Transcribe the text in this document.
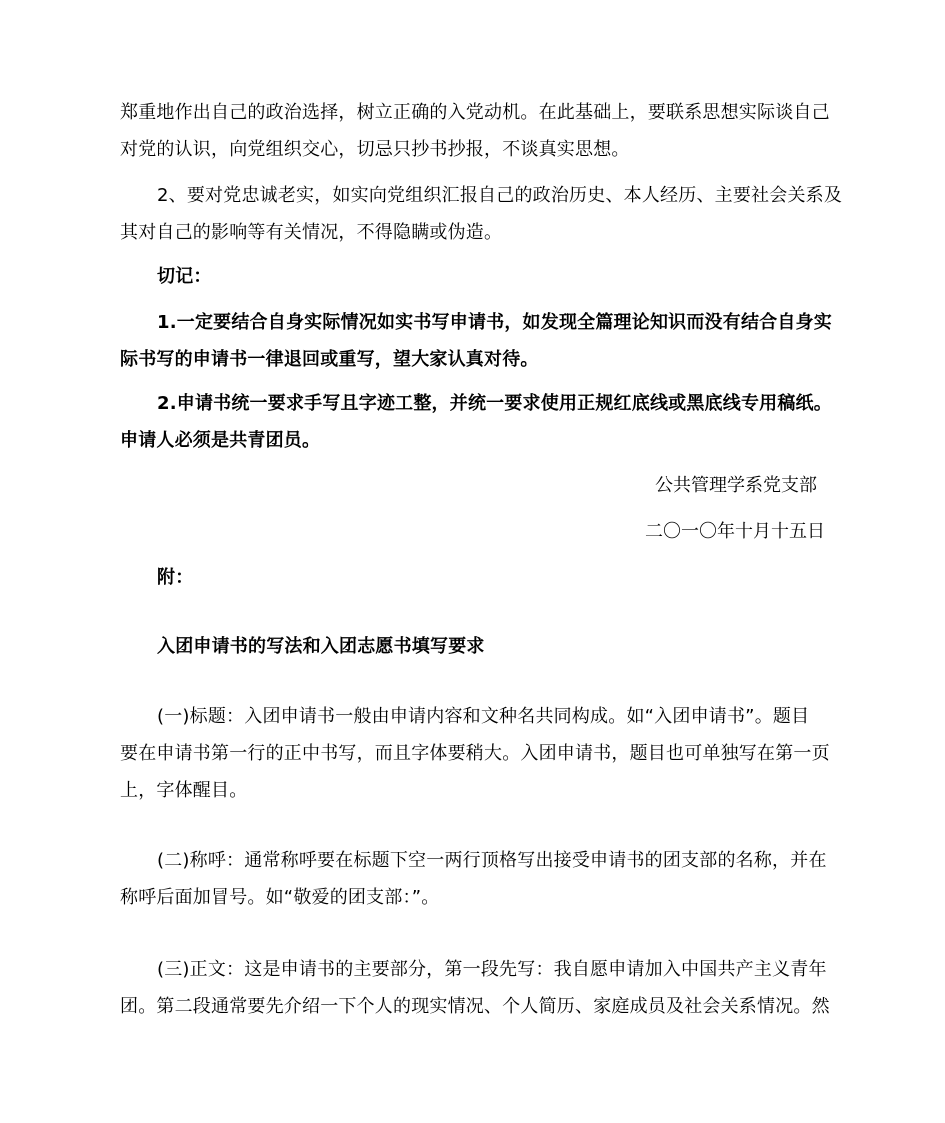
郑重地作出自己的政治选择，树立正确的入党动机。在此基础上，要联系思想实际谈自己
对党的认识，向党组织交心，切忌只抄书抄报，不谈真实思想。
2、要对党忠诚老实，如实向党组织汇报自己的政治历史、本人经历、主要社会关系及
其对自己的影响等有关情况，不得隐瞒或伪造。
切记：
1.一定要结合自身实际情况如实书写申请书，如发现全篇理论知识而没有结合自身实
际书写的申请书一律退回或重写，望大家认真对待。
2.申请书统一要求手写且字迹工整，并统一要求使用正规红底线或黑底线专用稿纸。
申请人必须是共青团员。
公共管理学系党支部
二〇一〇年十月十五日
附：
入团申请书的写法和入团志愿书填写要求
(一)标题：入团申请书一般由申请内容和文种名共同构成。如“入团申请书”。题目
要在申请书第一行的正中书写，而且字体要稍大。入团申请书，题目也可单独写在第一页
上，字体醒目。
(二)称呼：通常称呼要在标题下空一两行顶格写出接受申请书的团支部的名称，并在
称呼后面加冒号。如“敬爱的团支部：”。
(三)正文：这是申请书的主要部分，第一段先写：我自愿申请加入中国共产主义青年
团。第二段通常要先介绍一下个人的现实情况、个人简历、家庭成员及社会关系情况。然
